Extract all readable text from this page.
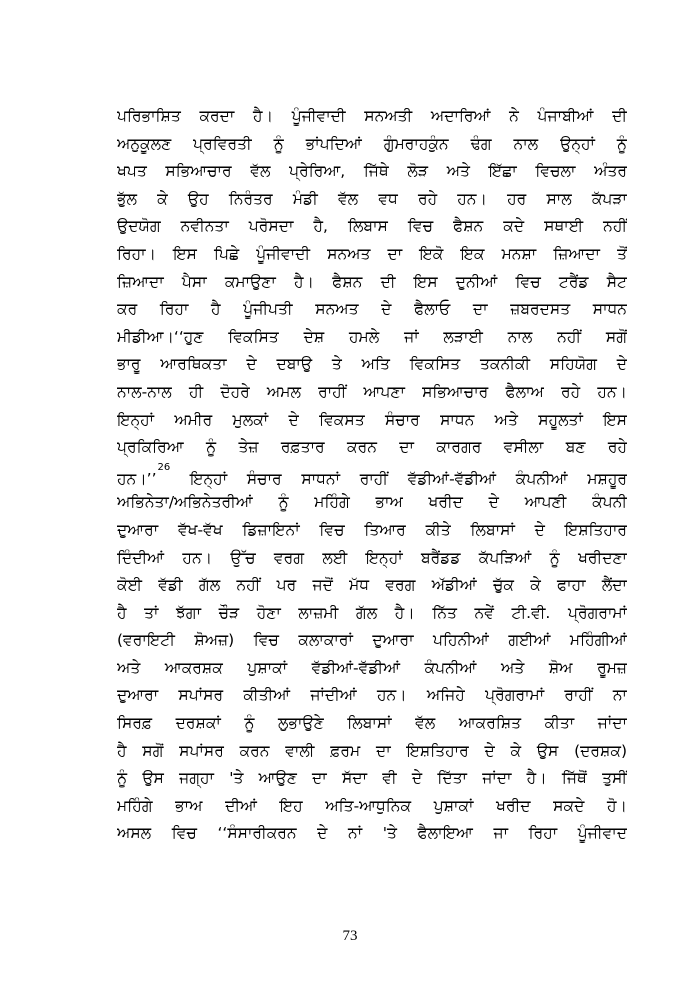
ਪਰਿਭਾਸ਼ਿਤ ਕਰਦਾ ਹੈ। ਪੂੰਜੀਵਾਦੀ ਸਨਅਤੀ ਅਦਾਰਿਆਂ ਨੇ ਪੰਜਾਬੀਆਂ ਦੀ
ਅਨੁਕੂਲਣ ਪ੍ਰਵਿਰਤੀ ਨੂੰ ਭਾਂਪਦਿਆਂ ਗੁੰਮਰਾਹਕੁੰਨ ਢੰਗ ਨਾਲ ਉਨ੍ਹਾਂ ਨੂੰ
ਖਪਤ ਸਭਿਆਚਾਰ ਵੱਲ ਪ੍ਰੇਰਿਆ, ਜਿੱਥੇ ਲੋੜ ਅਤੇ ਇੱਛਾ ਵਿਚਲਾ ਅੰਤਰ
ਭੁੱਲ ਕੇ ਉਹ ਨਿਰੰਤਰ ਮੰਡੀ ਵੱਲ ਵਧ ਰਹੇ ਹਨ। ਹਰ ਸਾਲ ਕੱਪੜਾ
ਉਦਯੋਗ ਨਵੀਨਤਾ ਪਰੋਸਦਾ ਹੈ, ਲਿਬਾਸ ਵਿਚ ਫੈਸ਼ਨ ਕਦੇ ਸਥਾਈ ਨਹੀਂ
ਰਿਹਾ। ਇਸ ਪਿਛੇ ਪੂੰਜੀਵਾਦੀ ਸਨਅਤ ਦਾ ਇਕੋ ਇਕ ਮਨਸ਼ਾ ਜ਼ਿਆਦਾ ਤੋਂ
ਜ਼ਿਆਦਾ ਪੈਸਾ ਕਮਾਉਣਾ ਹੈ। ਫੈਸ਼ਨ ਦੀ ਇਸ ਦੁਨੀਆਂ ਵਿਚ ਟਰੈਂਡ ਸੈਟ
ਕਰ ਰਿਹਾ ਹੈ ਪੂੰਜੀਪਤੀ ਸਨਅਤ ਦੇ ਫੈਲਾਓ ਦਾ ਜ਼ਬਰਦਸਤ ਸਾਧਨ
ਮੀਡੀਆ।‘‘ਹੁਣ ਵਿਕਸਿਤ ਦੇਸ਼ ਹਮਲੇ ਜਾਂ ਲੜਾਈ ਨਾਲ ਨਹੀਂ ਸਗੋਂ
ਭਾਰੂ ਆਰਥਿਕਤਾ ਦੇ ਦਬਾਉ ਤੇ ਅਤਿ ਵਿਕਸਿਤ ਤਕਨੀਕੀ ਸਹਿਯੋਗ ਦੇ
ਨਾਲ-ਨਾਲ ਹੀ ਦੋਹਰੇ ਅਮਲ ਰਾਹੀਂ ਆਪਣਾ ਸਭਿਆਚਾਰ ਫੈਲਾਅ ਰਹੇ ਹਨ।
ਇਨ੍ਹਾਂ ਅਮੀਰ ਮੁਲਕਾਂ ਦੇ ਵਿਕਸਤ ਸੰਚਾਰ ਸਾਧਨ ਅਤੇ ਸਹੂਲਤਾਂ ਇਸ
ਪ੍ਰਕਿਰਿਆ ਨੂੰ ਤੇਜ਼ ਰਫ਼ਤਾਰ ਕਰਨ ਦਾ ਕਾਰਗਰ ਵਸੀਲਾ ਬਣ ਰਹੇ
ਹਨ।’’$^{26}$ ਇਨ੍ਹਾਂ ਸੰਚਾਰ ਸਾਧਨਾਂ ਰਾਹੀਂ ਵੱਡੀਆਂ-ਵੱਡੀਆਂ ਕੰਪਨੀਆਂ ਮਸ਼ਹੂਰ
ਅਭਿਨੇਤਾ/ਅਭਿਨੇਤਰੀਆਂ ਨੂੰ ਮਹਿੰਗੇ ਭਾਅ ਖਰੀਦ ਦੇ ਆਪਣੀ ਕੰਪਨੀ
ਦੁਆਰਾ ਵੱਖ-ਵੱਖ ਡਿਜ਼ਾਇਨਾਂ ਵਿਚ ਤਿਆਰ ਕੀਤੇ ਲਿਬਾਸਾਂ ਦੇ ਇਸ਼ਤਿਹਾਰ
ਦਿੰਦੀਆਂ ਹਨ। ਉੱਚ ਵਰਗ ਲਈ ਇਨ੍ਹਾਂ ਬਰੈਂਡਡ ਕੱਪੜਿਆਂ ਨੂੰ ਖਰੀਦਣਾ
ਕੋਈ ਵੱਡੀ ਗੱਲ ਨਹੀਂ ਪਰ ਜਦੋਂ ਮੱਧ ਵਰਗ ਅੱਡੀਆਂ ਚੁੱਕ ਕੇ ਫਾਹਾ ਲੈਂਦਾ
ਹੈ ਤਾਂ ਝੱਗਾ ਚੌੜ ਹੋਣਾ ਲਾਜ਼ਮੀ ਗੱਲ ਹੈ। ਨਿੱਤ ਨਵੇਂ ਟੀ.ਵੀ. ਪ੍ਰੋਗਰਾਮਾਂ
(ਵਰਾਇਟੀ ਸ਼ੋਅਜ਼) ਵਿਚ ਕਲਾਕਾਰਾਂ ਦੁਆਰਾ ਪਹਿਨੀਆਂ ਗਈਆਂ ਮਹਿੰਗੀਆਂ
ਅਤੇ ਆਕਰਸ਼ਕ ਪੁਸ਼ਾਕਾਂ ਵੱਡੀਆਂ-ਵੱਡੀਆਂ ਕੰਪਨੀਆਂ ਅਤੇ ਸ਼ੋਅ ਰੂਮਜ਼
ਦੁਆਰਾ ਸਪਾਂਸਰ ਕੀਤੀਆਂ ਜਾਂਦੀਆਂ ਹਨ। ਅਜਿਹੇ ਪ੍ਰੋਗਰਾਮਾਂ ਰਾਹੀਂ ਨਾ
ਸਿਰਫ਼ ਦਰਸ਼ਕਾਂ ਨੂੰ ਲੁਭਾਉਣੇ ਲਿਬਾਸਾਂ ਵੱਲ ਆਕਰਸ਼ਿਤ ਕੀਤਾ ਜਾਂਦਾ
ਹੈ ਸਗੋਂ ਸਪਾਂਸਰ ਕਰਨ ਵਾਲੀ ਫ਼ਰਮ ਦਾ ਇਸ਼ਤਿਹਾਰ ਦੇ ਕੇ ਉਸ (ਦਰਸ਼ਕ)
ਨੂੰ ਉਸ ਜਗ੍ਹਾ 'ਤੇ ਆਉਣ ਦਾ ਸੱਦਾ ਵੀ ਦੇ ਦਿੱਤਾ ਜਾਂਦਾ ਹੈ। ਜਿੱਥੋਂ ਤੁਸੀਂ
ਮਹਿੰਗੇ ਭਾਅ ਦੀਆਂ ਇਹ ਅਤਿ-ਆਧੁਨਿਕ ਪੁਸ਼ਾਕਾਂ ਖਰੀਦ ਸਕਦੇ ਹੋ।
ਅਸਲ ਵਿਚ ‘‘ਸੰਸਾਰੀਕਰਨ ਦੇ ਨਾਂ 'ਤੇ ਫੈਲਾਇਆ ਜਾ ਰਿਹਾ ਪੂੰਜੀਵਾਦ
73
